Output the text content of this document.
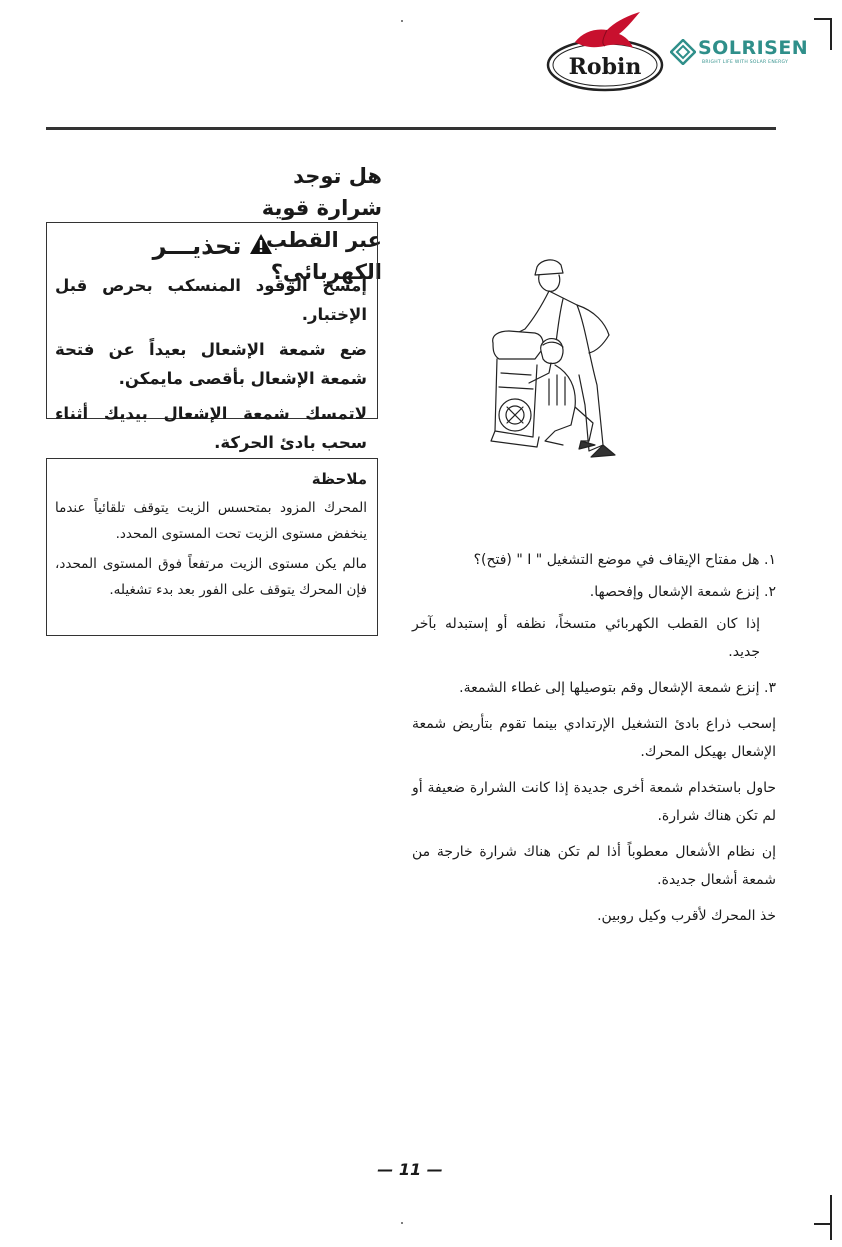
Robin
SOLRISEN
BRIGHT LIFE WITH SOLAR ENERGY
هل توجد شرارة قوية عبر القطب الكهربائي؟
تحذيـــر

إمسح الوقود المنسكب بحرص قبل الإختبار.

ضع شمعة الإشعال بعيداً عن فتحة شمعة الإشعال بأقصى مايمكن.

لاتمسك شمعة الإشعال بيديك أثناء سحب بادئ الحركة.

ملاحظة

المحرك المزود بمتحسس الزيت يتوقف تلقائياً عندما ينخفض مستوى الزيت تحت المستوى المحدد.

مالم يكن مستوى الزيت مرتفعاً فوق المستوى المحدد، فإن المحرك يتوقف على الفور بعد بدء تشغيله.

١. هل مفتاح الإيقاف في موضع التشغيل " I " (فتح)؟

٢. إنزع شمعة الإشعال وإفحصها.

إذا كان القطب الكهربائي متسخاً، نظفه أو إستبدله بآخر جديد.

٣. إنزع شمعة الإشعال وقم بتوصيلها إلى غطاء الشمعة.

إسحب ذراع بادئ التشغيل الإرتدادي بينما تقوم بتأريض شمعة الإشعال بهيكل المحرك.

حاول باستخدام شمعة أخرى جديدة إذا كانت الشرارة ضعيفة أو لم تكن هناك شرارة.

إن نظام الأشعال معطوباً أذا لم تكن هناك شرارة خارجة من شمعة أشعال جديدة.

خذ المحرك لأقرب وكيل روبين.

— 11 —
